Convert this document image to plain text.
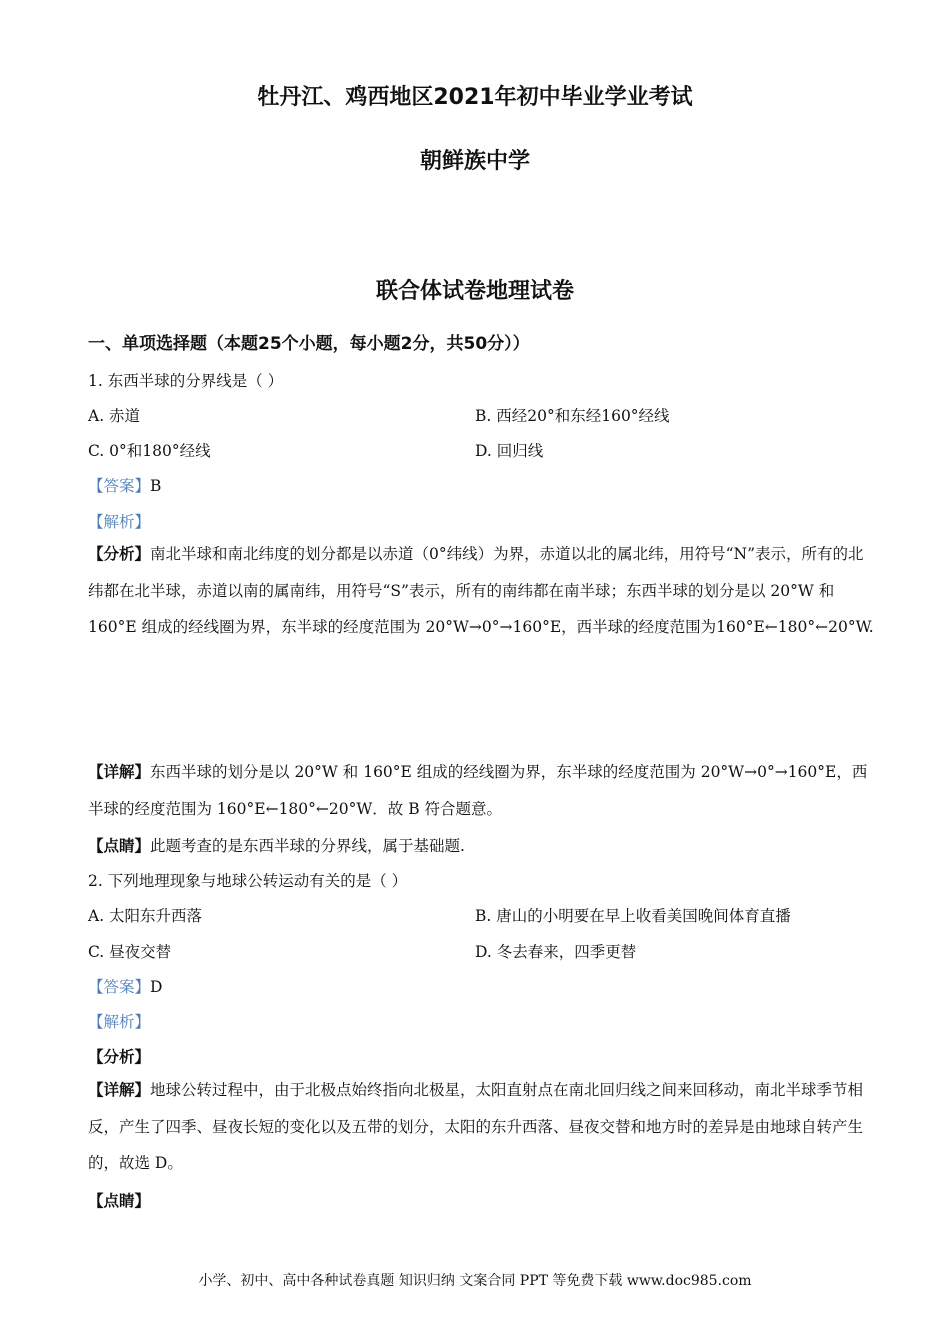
牡丹江、鸡西地区2021年初中毕业学业考试
朝鲜族中学
联合体试卷地理试卷
一、单项选择题（本题25个小题，每小题2分，共50分））
1. 东西半球的分界线是（ ）
A. 赤道	B. 西经20°和东经160°经线
C. 0°和180°经线	D. 回归线
【答案】B
【解析】
【分析】南北半球和南北纬度的划分都是以赤道（0°纬线）为界，赤道以北的属北纬，用符号“N”表示，所有的北纬都在北半球，赤道以南的属南纬，用符号“S”表示，所有的南纬都在南半球；东西半球的划分是以 20°W 和 160°E 组成的经线圈为界，东半球的经度范围为 20°W→0°→160°E，西半球的经度范围为160°E←180°←20°W.
【详解】东西半球的划分是以 20°W 和 160°E 组成的经线圈为界，东半球的经度范围为 20°W→0°→160°E，西半球的经度范围为 160°E←180°←20°W．故 B 符合题意。
【点睛】此题考查的是东西半球的分界线，属于基础题.
2. 下列地理现象与地球公转运动有关的是（ ）
A. 太阳东升西落	B. 唐山的小明要在早上收看美国晚间体育直播
C. 昼夜交替	D. 冬去春来，四季更替
【答案】D
【解析】
【分析】
【详解】地球公转过程中，由于北极点始终指向北极星，太阳直射点在南北回归线之间来回移动，南北半球季节相反，产生了四季、昼夜长短的变化以及五带的划分，太阳的东升西落、昼夜交替和地方时的差异是由地球自转产生的，故选 D。
【点睛】
小学、初中、高中各种试卷真题 知识归纳 文案合同 PPT 等免费下载 www.doc985.com
